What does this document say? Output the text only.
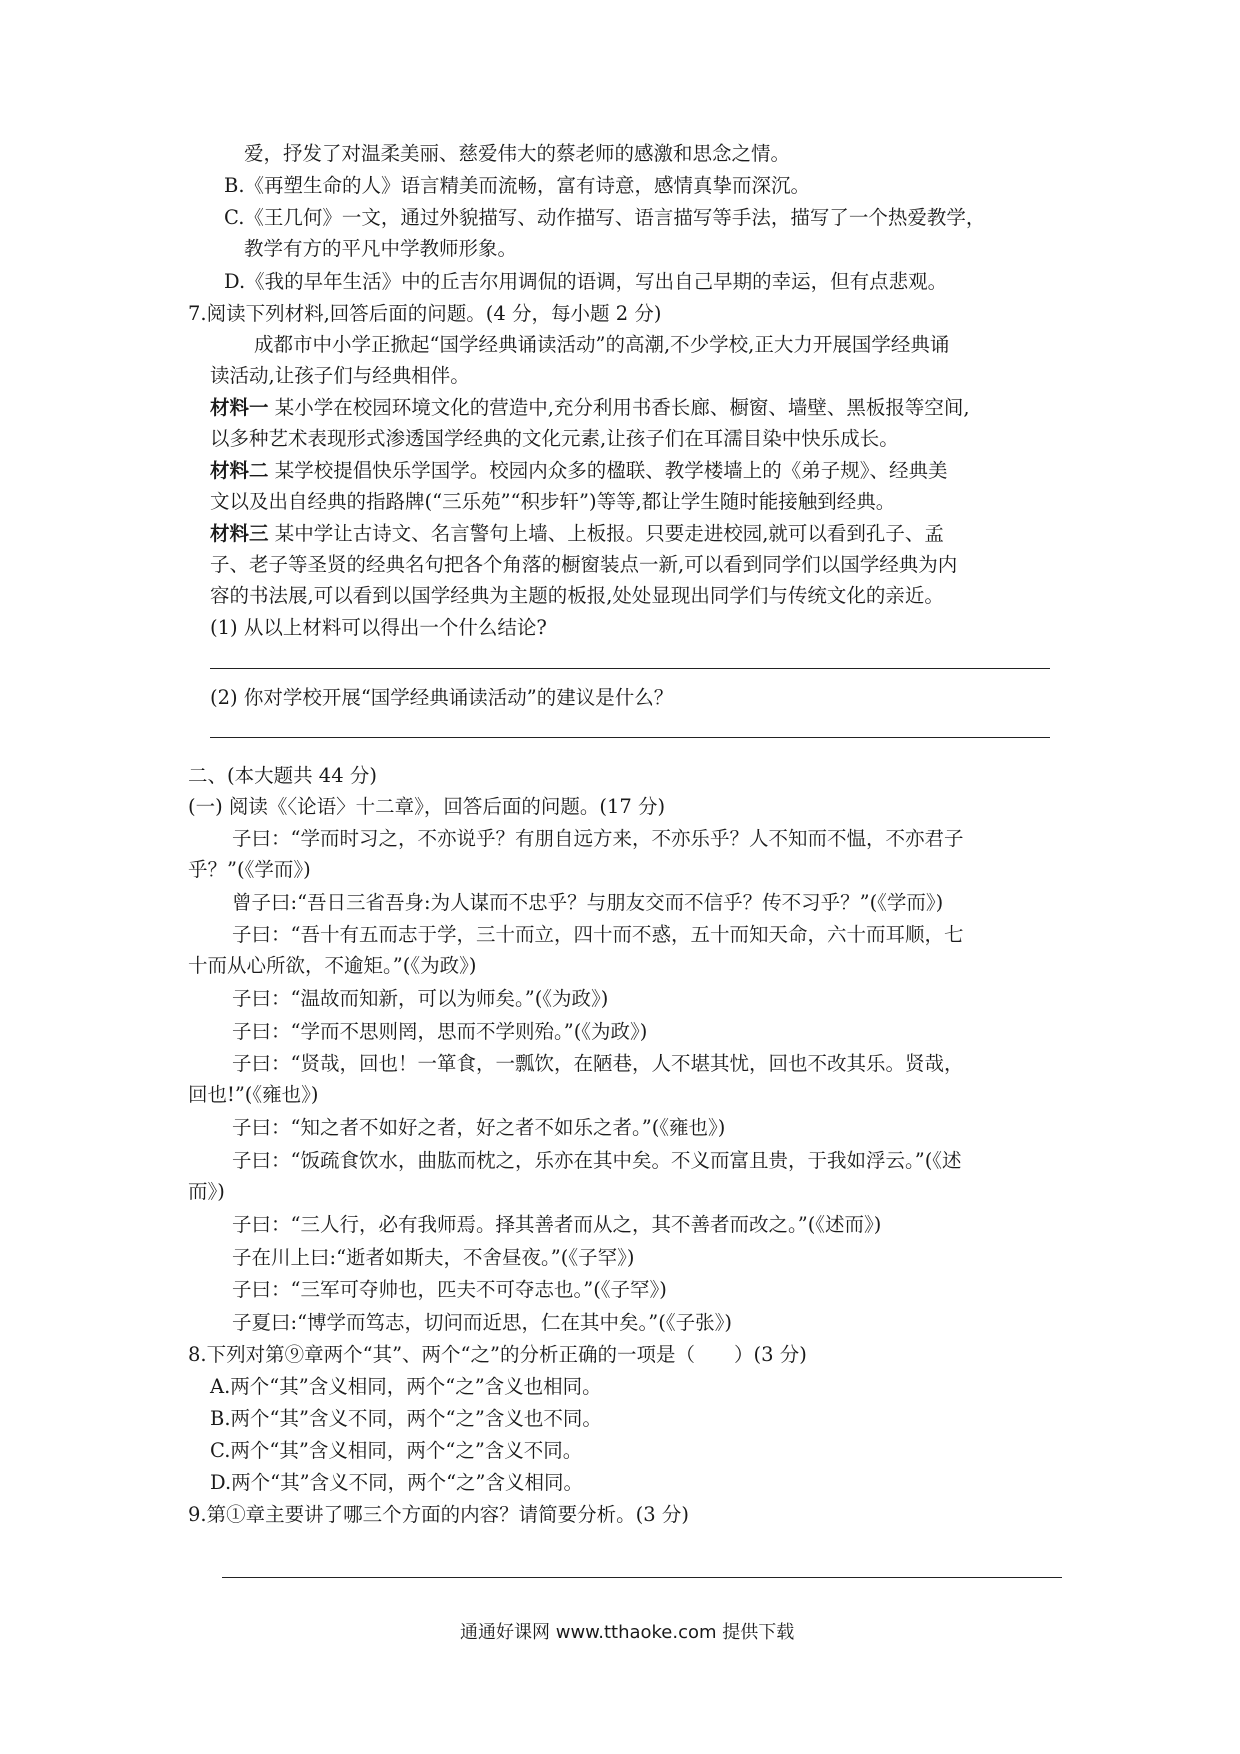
爱，抒发了对温柔美丽、慈爱伟大的蔡老师的感激和思念之情。
B.《再塑生命的人》语言精美而流畅，富有诗意，感情真挚而深沉。
C.《王几何》一文，通过外貌描写、动作描写、语言描写等手法，描写了一个热爱教学，
教学有方的平凡中学教师形象。
D.《我的早年生活》中的丘吉尔用调侃的语调，写出自己早期的幸运，但有点悲观。
7.阅读下列材料,回答后面的问题。(4 分，每小题 2 分)
成都市中小学正掀起“国学经典诵读活动”的高潮,不少学校,正大力开展国学经典诵
读活动,让孩子们与经典相伴。
材料一 某小学在校园环境文化的营造中,充分利用书香长廊、橱窗、墙壁、黑板报等空间,
以多种艺术表现形式渗透国学经典的文化元素,让孩子们在耳濡目染中快乐成长。
材料二 某学校提倡快乐学国学。校园内众多的楹联、教学楼墙上的《弟子规》、经典美
文以及出自经典的指路牌(“三乐苑”“积步轩”)等等,都让学生随时能接触到经典。
材料三 某中学让古诗文、名言警句上墙、上板报。只要走进校园,就可以看到孔子、孟
子、老子等圣贤的经典名句把各个角落的橱窗装点一新,可以看到同学们以国学经典为内
容的书法展,可以看到以国学经典为主题的板报,处处显现出同学们与传统文化的亲近。
(1) 从以上材料可以得出一个什么结论?
(2) 你对学校开展“国学经典诵读活动”的建议是什么？
二、(本大题共 44 分)
(一) 阅读《〈论语〉十二章》，回答后面的问题。(17 分)
子曰：“学而时习之，不亦说乎？有朋自远方来，不亦乐乎？人不知而不愠，不亦君子
乎？”(《学而》)
曾子曰:“吾日三省吾身:为人谋而不忠乎？与朋友交而不信乎？传不习乎？”(《学而》)
子曰：“吾十有五而志于学，三十而立，四十而不惑，五十而知天命，六十而耳顺，七
十而从心所欲，不逾矩。”(《为政》)
子曰：“温故而知新，可以为师矣。”(《为政》)
子曰：“学而不思则罔，思而不学则殆。”(《为政》)
子曰：“贤哉，回也！一箪食，一瓢饮，在陋巷，人不堪其忧，回也不改其乐。贤哉，
回也!”(《雍也》)
子曰：“知之者不如好之者，好之者不如乐之者。”(《雍也》)
子曰：“饭疏食饮水，曲肱而枕之，乐亦在其中矣。不义而富且贵，于我如浮云。”(《述
而》)
子曰：“三人行，必有我师焉。择其善者而从之，其不善者而改之。”(《述而》)
子在川上曰:“逝者如斯夫，不舍昼夜。”(《子罕》)
子曰：“三军可夺帅也，匹夫不可夺志也。”(《子罕》)
子夏曰:“博学而笃志，切问而近思，仁在其中矣。”(《子张》)
8.下列对第⑨章两个“其”、两个“之”的分析正确的一项是（　　）(3 分)
A.两个“其”含义相同，两个“之”含义也相同。
B.两个“其”含义不同，两个“之”含义也不同。
C.两个“其”含义相同，两个“之”含义不同。
D.两个“其”含义不同，两个“之”含义相同。
9.第①章主要讲了哪三个方面的内容？请简要分析。(3 分)
通通好课网 www.tthaoke.com 提供下载
